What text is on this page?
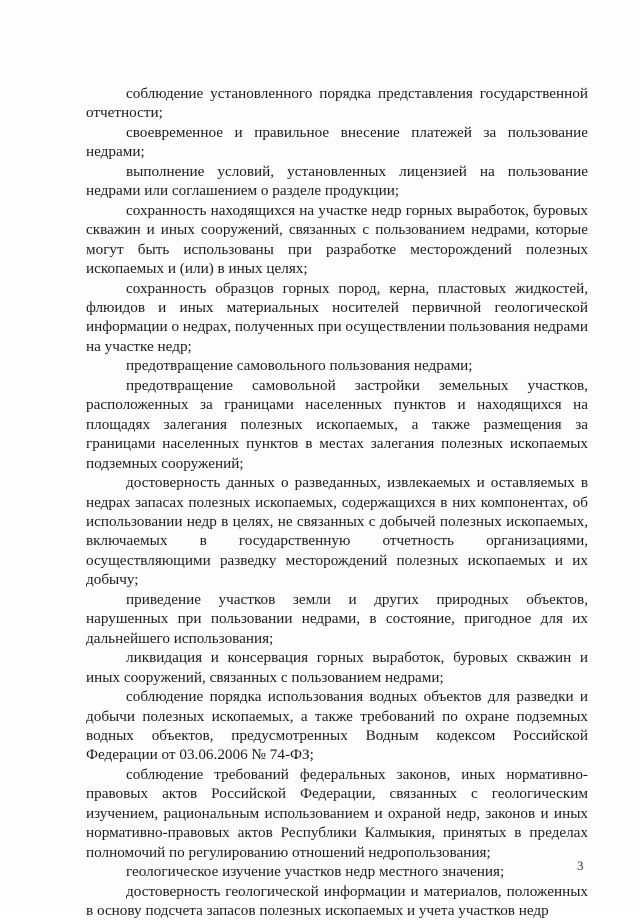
соблюдение установленного порядка представления государственной отчетности;

своевременное и правильное внесение платежей за пользование недрами;

выполнение условий, установленных лицензией на пользование недрами или соглашением о разделе продукции;

сохранность находящихся на участке недр горных выработок, буровых скважин и иных сооружений, связанных с пользованием недрами, которые могут быть использованы при разработке месторождений полезных ископаемых и (или) в иных целях;

сохранность образцов горных пород, керна, пластовых жидкостей, флюидов и иных материальных носителей первичной геологической информации о недрах, полученных при осуществлении пользования недрами на участке недр;

предотвращение самовольного пользования недрами;

предотвращение самовольной застройки земельных участков, расположенных за границами населенных пунктов и находящихся на площадях залегания полезных ископаемых, а также размещения за границами населенных пунктов в местах залегания полезных ископаемых подземных сооружений;

достоверность данных о разведанных, извлекаемых и оставляемых в недрах запасах полезных ископаемых, содержащихся в них компонентах, об использовании недр в целях, не связанных с добычей полезных ископаемых, включаемых в государственную отчетность организациями, осуществляющими разведку месторождений полезных ископаемых и их добычу;

приведение участков земли и других природных объектов, нарушенных при пользовании недрами, в состояние, пригодное для их дальнейшего использования;

ликвидация и консервация горных выработок, буровых скважин и иных сооружений, связанных с пользованием недрами;

соблюдение порядка использования водных объектов для разведки и добычи полезных ископаемых, а также требований по охране подземных водных объектов, предусмотренных Водным кодексом Российской Федерации от 03.06.2006 № 74-ФЗ;

соблюдение требований федеральных законов, иных нормативно-правовых актов Российской Федерации, связанных с геологическим изучением, рациональным использованием и охраной недр, законов и иных нормативно-правовых актов Республики Калмыкия, принятых в пределах полномочий по регулированию отношений недропользования;

геологическое изучение участков недр местного значения;

достоверность геологической информации и материалов, положенных в основу подсчета запасов полезных ископаемых и учета участков недр

3
